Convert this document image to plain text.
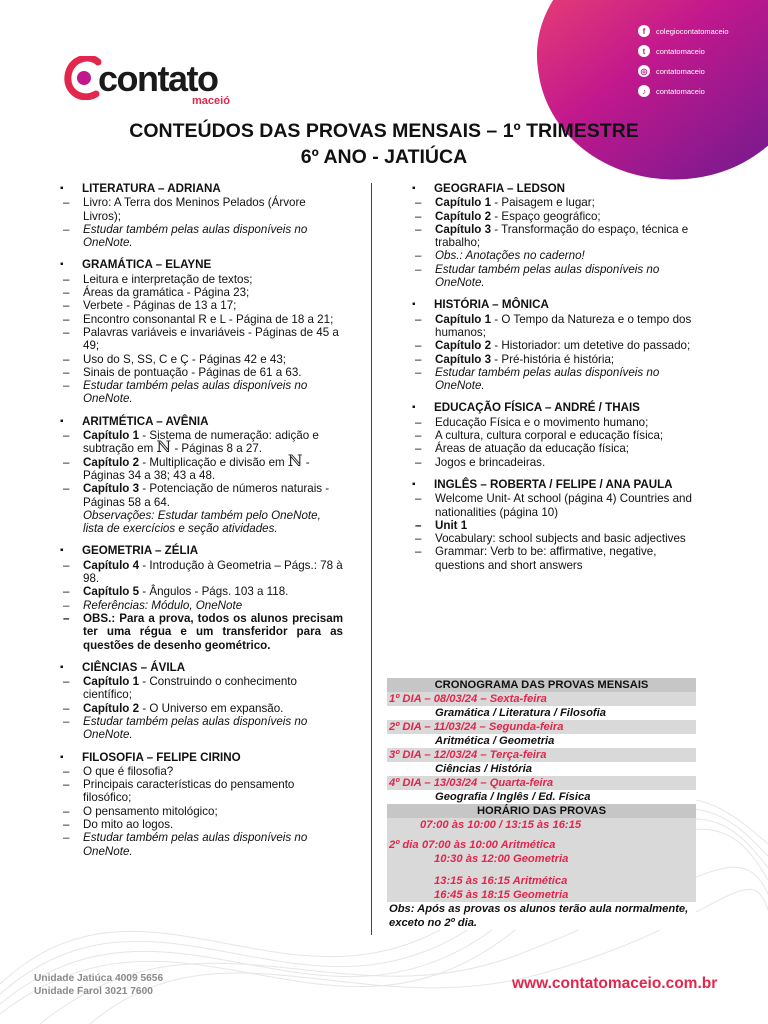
f	colegiocontatomaceio
t	contatomaceio
◎	contatomaceio
♪	contatomaceio
contato
maceió
CONTEÚDOS DAS PROVAS MENSAIS – 1º TRIMESTRE
6º ANO - JATIÚCA
▪ LITERATURA – ADRIANA
– Livro: A Terra dos Meninos Pelados (Árvore Livros);
– Estudar também pelas aulas disponíveis no OneNote.
▪ GRAMÁTICA – ELAYNE
– Leitura e interpretação de textos;
– Áreas da gramática - Página 23;
– Verbete - Páginas de 13 a 17;
– Encontro consonantal R e L - Página de 18 a 21;
– Palavras variáveis e invariáveis - Páginas de 45 a 49;
– Uso do S, SS, C e Ç - Páginas 42 e 43;
– Sinais de pontuação - Páginas de 61 a 63.
– Estudar também pelas aulas disponíveis no OneNote.
▪ ARITMÉTICA – AVÊNIA
– Capítulo 1 - Sistema de numeração: adição e subtração em ℕ - Páginas 8 a 27.
– Capítulo 2 - Multiplicação e divisão em ℕ - Páginas 34 a 38; 43 a 48.
– Capítulo 3 - Potenciação de números naturais - Páginas 58 a 64.
Observações: Estudar também pelo OneNote, lista de exercícios e seção atividades.
▪ GEOMETRIA – ZÉLIA
– Capítulo 4 - Introdução à Geometria – Págs.: 78 à 98.
– Capítulo 5 - Ângulos - Págs. 103 a 118.
– Referências: Módulo, OneNote
– OBS.: Para a prova, todos os alunos precisam ter uma régua e um transferidor para as questões de desenho geométrico.
▪ CIÊNCIAS – ÁVILA
– Capítulo 1 - Construindo o conhecimento científico;
– Capítulo 2 - O Universo em expansão.
– Estudar também pelas aulas disponíveis no OneNote.
▪ FILOSOFIA – FELIPE CIRINO
– O que é filosofia?
– Principais características do pensamento filosófico;
– O pensamento mitológico;
– Do mito ao logos.
– Estudar também pelas aulas disponíveis no OneNote.
▪ GEOGRAFIA – LEDSON
– Capítulo 1 - Paisagem e lugar;
– Capítulo 2 - Espaço geográfico;
– Capítulo 3 - Transformação do espaço, técnica e trabalho;
– Obs.: Anotações no caderno!
– Estudar também pelas aulas disponíveis no OneNote.
▪ HISTÓRIA – MÔNICA
– Capítulo 1 - O Tempo da Natureza e o tempo dos humanos;
– Capítulo 2 - Historiador: um detetive do passado;
– Capítulo 3 - Pré-história é história;
– Estudar também pelas aulas disponíveis no OneNote.
▪ EDUCAÇÃO FÍSICA – ANDRÉ / THAIS
– Educação Física e o movimento humano;
– A cultura, cultura corporal e educação física;
– Áreas de atuação da educação física;
– Jogos e brincadeiras.
▪ INGLÊS – ROBERTA / FELIPE / ANA PAULA
– Welcome Unit- At school (página 4) Countries and nationalities (página 10)
– Unit 1
– Vocabulary: school subjects and basic adjectives
– Grammar: Verb to be: affirmative, negative, questions and short answers
CRONOGRAMA DAS PROVAS MENSAIS
1º DIA – 08/03/24 – Sexta-feira
Gramática / Literatura / Filosofia
2º DIA – 11/03/24 – Segunda-feira
Aritmética / Geometria
3º DIA – 12/03/24 – Terça-feira
Ciências / História
4º DIA – 13/03/24 – Quarta-feira
Geografia / Inglês / Ed. Física
HORÁRIO DAS PROVAS
07:00 às 10:00 / 13:15 às 16:15
2º dia 07:00 às 10:00 Aritmética
10:30 às 12:00 Geometria
13:15 às 16:15 Aritmética
16:45 às 18:15 Geometria
Obs: Após as provas os alunos terão aula normalmente, exceto no 2º dia.
Unidade Jatiúca 4009 5656
Unidade Farol 3021 7600	www.contatomaceio.com.br
